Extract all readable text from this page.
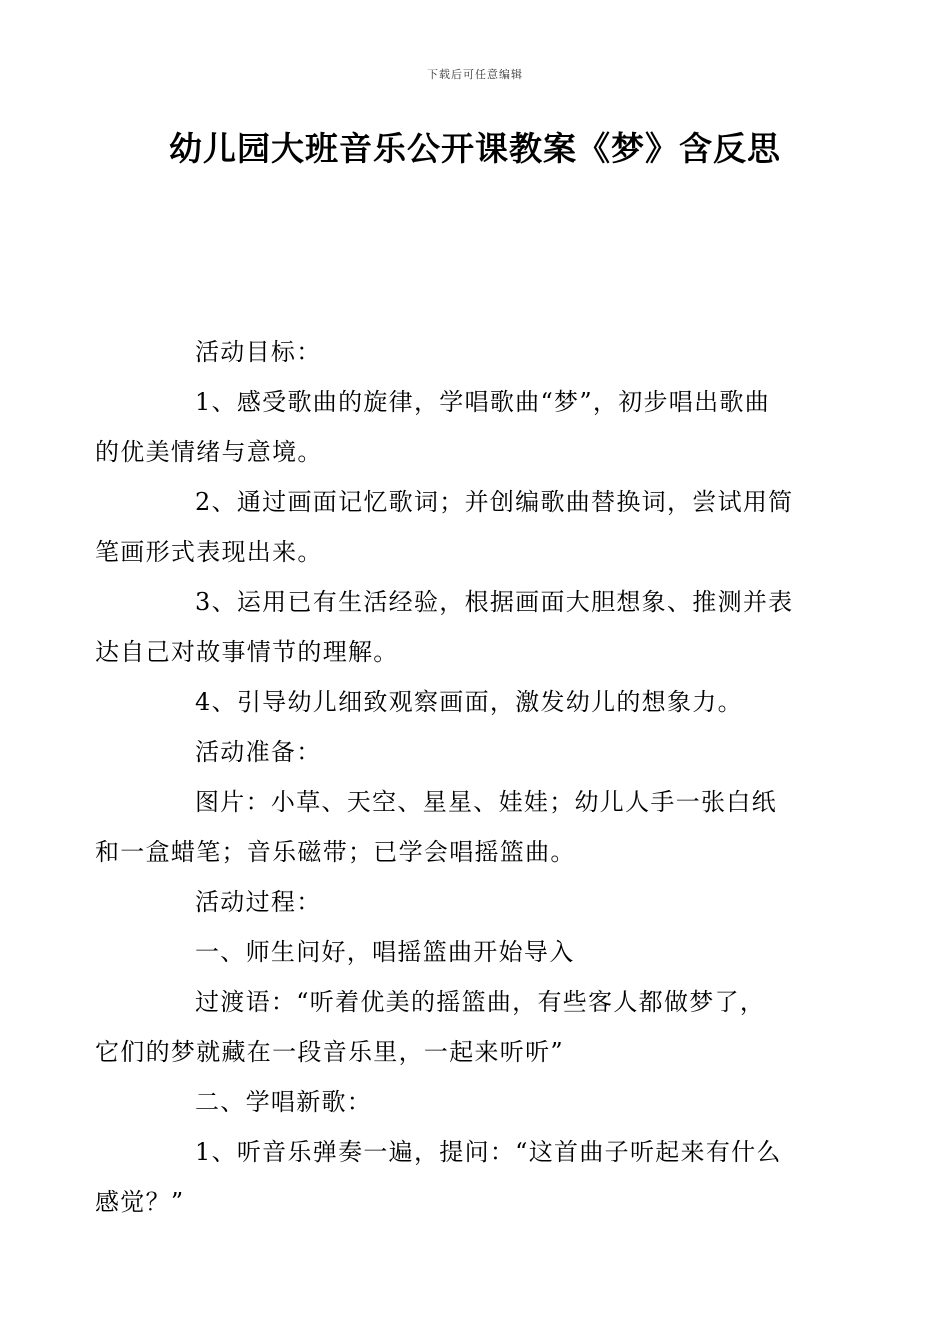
下载后可任意编辑
幼儿园大班音乐公开课教案《梦》含反思

活动目标：

1、感受歌曲的旋律，学唱歌曲“梦”，初步唱出歌曲
的优美情绪与意境。

2、通过画面记忆歌词；并创编歌曲替换词，尝试用简
笔画形式表现出来。

3、运用已有生活经验，根据画面大胆想象、推测并表
达自己对故事情节的理解。

4、引导幼儿细致观察画面，激发幼儿的想象力。

活动准备：

图片：小草、天空、星星、娃娃；幼儿人手一张白纸
和一盒蜡笔；音乐磁带；已学会唱摇篮曲。

活动过程：

一、师生问好，唱摇篮曲开始导入

过渡语：“听着优美的摇篮曲，有些客人都做梦了，
它们的梦就藏在一段音乐里，一起来听听”

二、学唱新歌：

1、听音乐弹奏一遍，提问：“这首曲子听起来有什么
感觉？”
